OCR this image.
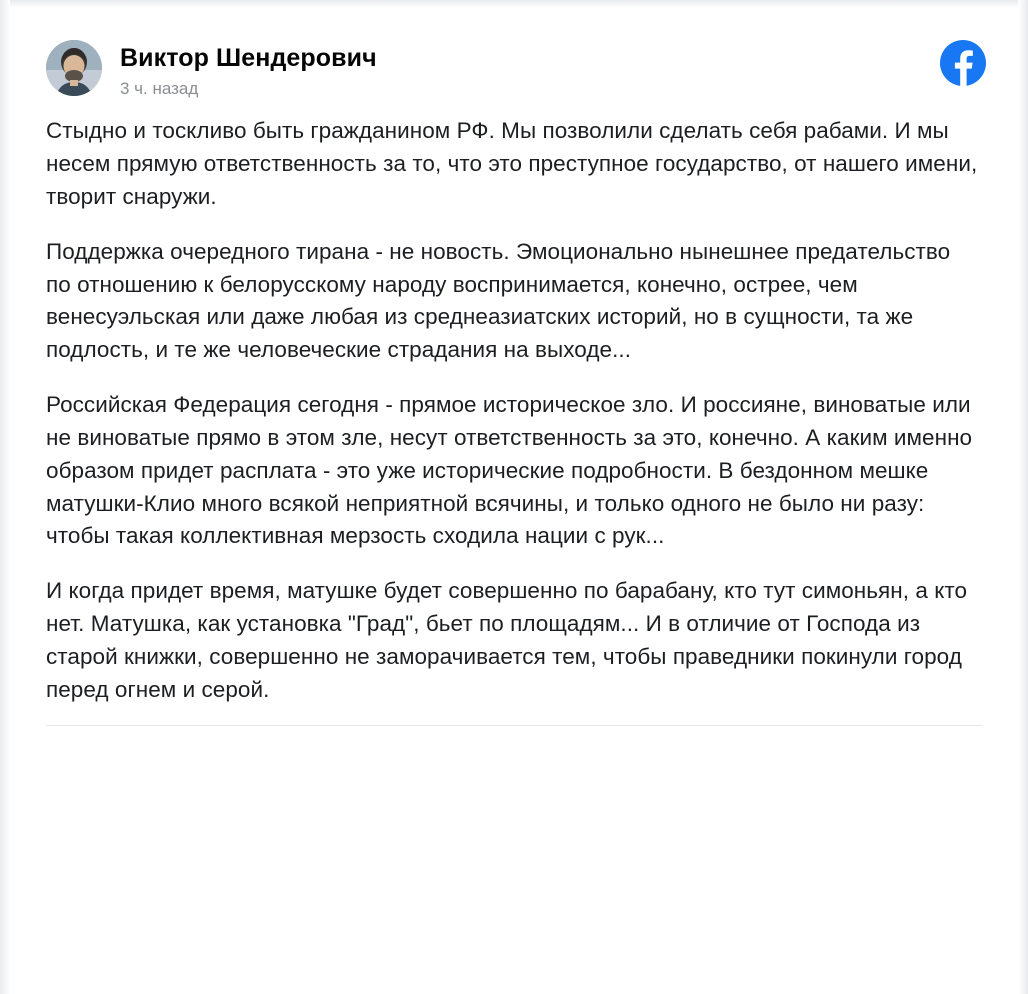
Виктор Шендерович
3 ч. назад

Стыдно и тоскливо быть гражданином РФ. Мы позволили сделать себя рабами. И мы несем прямую ответственность за то, что это преступное государство, от нашего имени, творит снаружи.

Поддержка очередного тирана - не новость. Эмоционально нынешнее предательство по отношению к белорусскому народу воспринимается, конечно, острее, чем венесуэльская или даже любая из среднеазиатских историй, но в сущности, та же подлость, и те же человеческие страдания на выходе...

Российская Федерация сегодня - прямое историческое зло. И россияне, виноватые или не виноватые прямо в этом зле, несут ответственность за это, конечно. А каким именно образом придет расплата - это уже исторические подробности. В бездонном мешке матушки-Клио много всякой неприятной всячины, и только одного не было ни разу: чтобы такая коллективная мерзость сходила нации с рук...

И когда придет время, матушке будет совершенно по барабану, кто тут симоньян, а кто нет. Матушка, как установка "Град", бьет по площадям... И в отличие от Господа из старой книжки, совершенно не заморачивается тем, чтобы праведники покинули город перед огнем и серой.
